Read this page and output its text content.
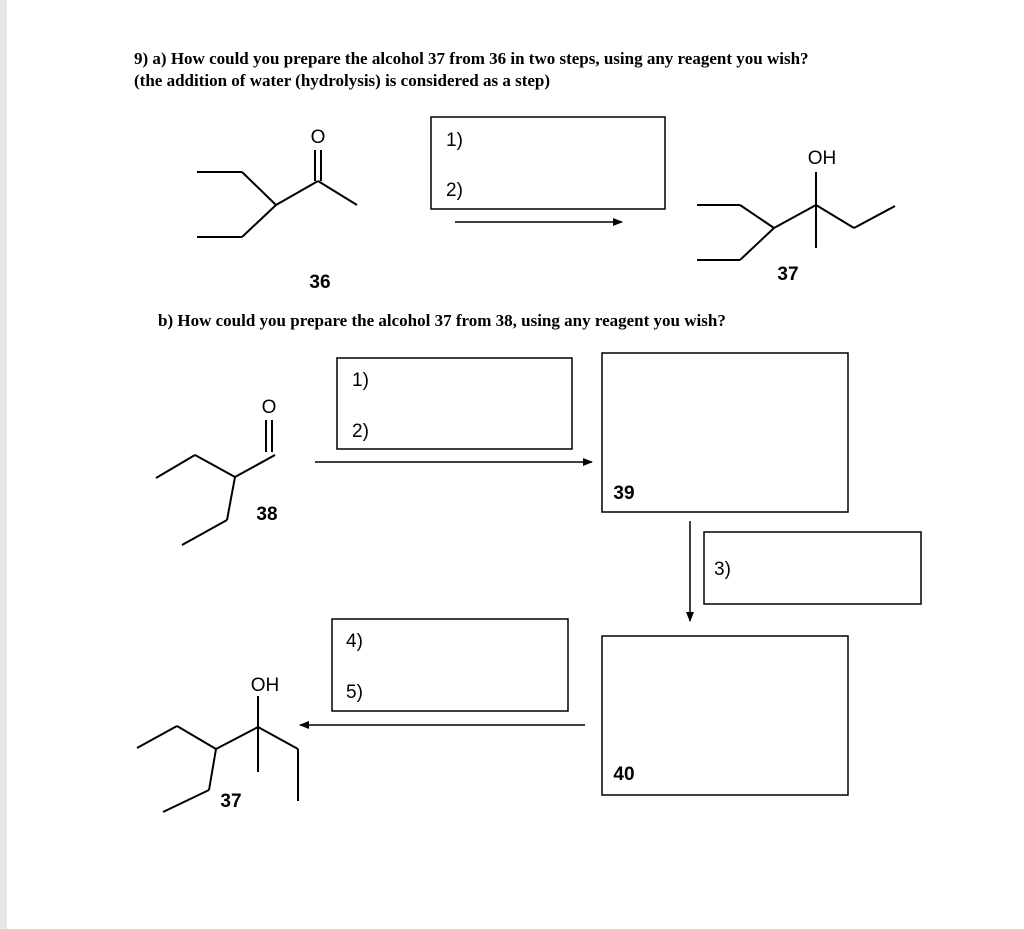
9) a) How could you prepare the alcohol 37 from 36 in two steps, using any reagent you wish?

(the addition of water (hydrolysis) is considered as a step)

b) How could you prepare the alcohol 37 from 38, using any reagent you wish?

O
36
1)
2)
OH
37
O
38
1)
2)
39
3)
40
4)
5)
OH
37
